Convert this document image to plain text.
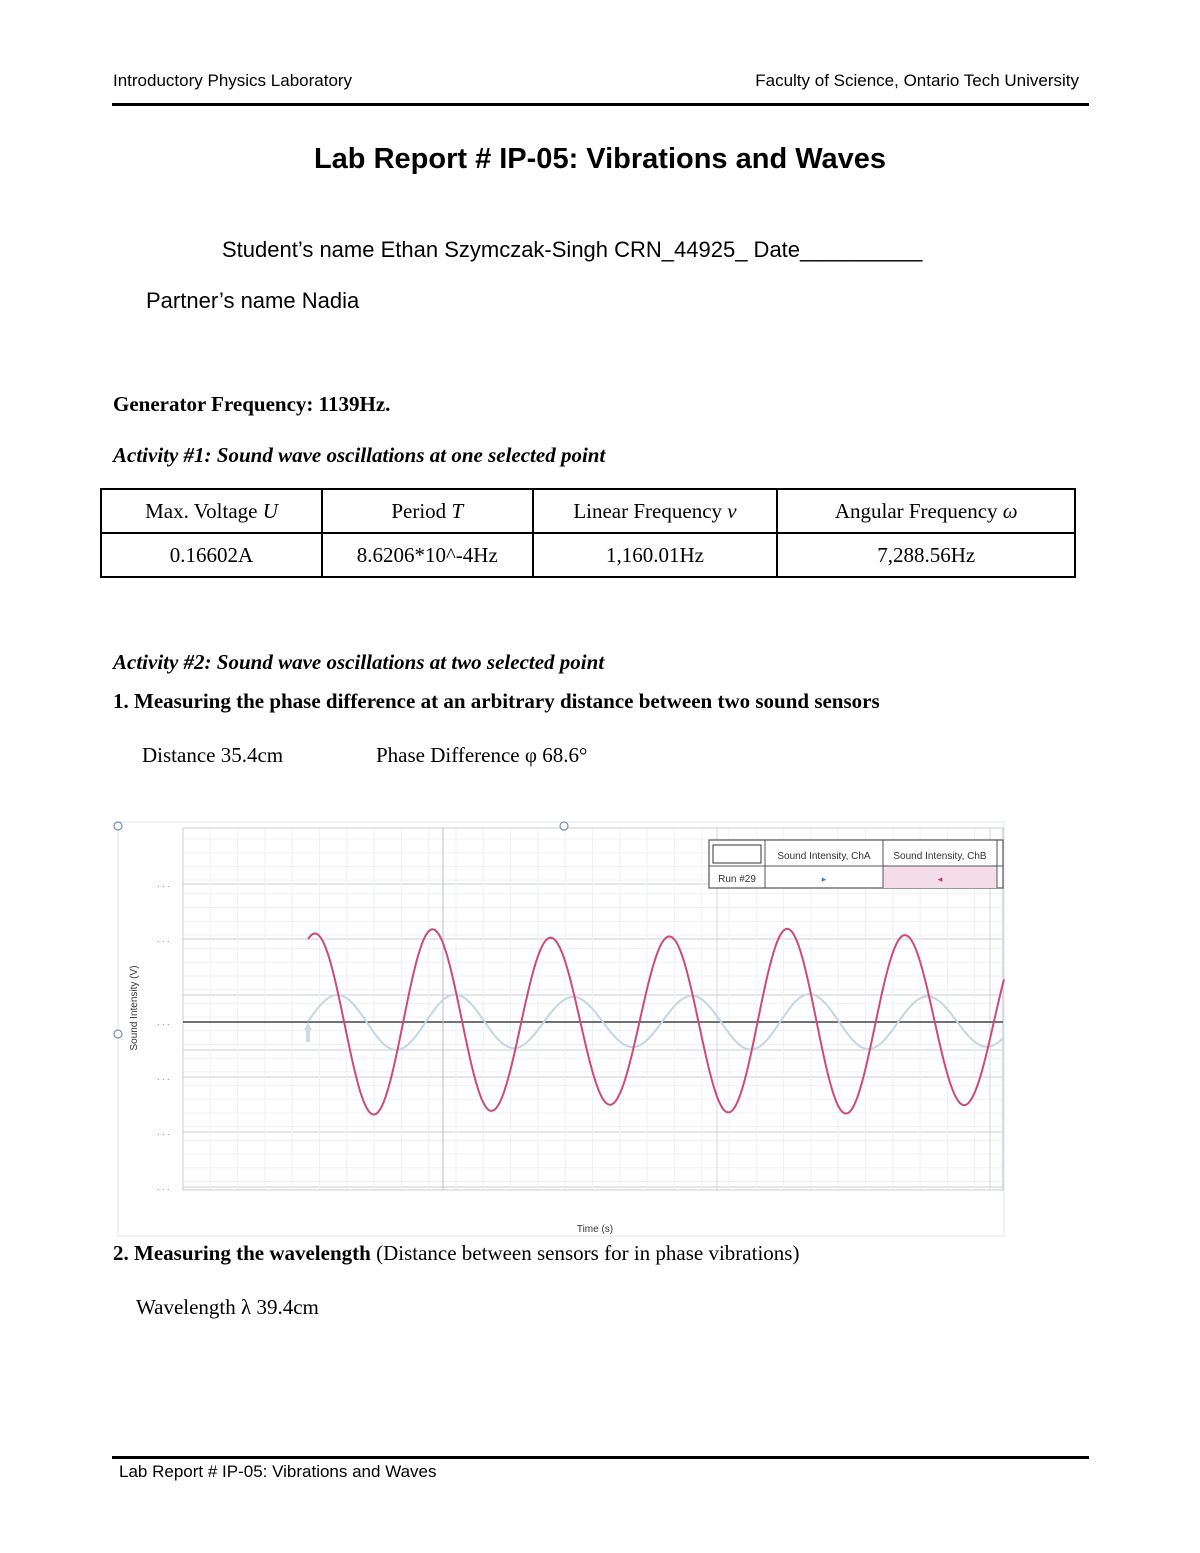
Introductory Physics Laboratory	Faculty of Science, Ontario Tech University
Lab Report # IP-05: Vibrations and Waves
Student’s name Ethan Szymczak-Singh CRN_44925_ Date__________
Partner’s name Nadia
Generator Frequency: 1139Hz.
Activity #1: Sound wave oscillations at one selected point
Max. Voltage U	Period T	Linear Frequency ν	Angular Frequency ω
0.16602A	8.6206*10^-4Hz	1,160.01Hz	7,288.56Hz
Activity #2: Sound wave oscillations at two selected point
1. Measuring the phase difference at an arbitrary distance between two sound sensors
Distance 35.4cm	Phase Difference φ 68.6°
. . .
. . .
. . .
. . .
. . .
. . .
Sound Intensity, ChA Sound Intensity, ChB
Run #29	▸	◂
Sound Intensity (V)
Time (s)
2. Measuring the wavelength (Distance between sensors for in phase vibrations)
Wavelength λ 39.4cm
Lab Report # IP-05: Vibrations and Waves
